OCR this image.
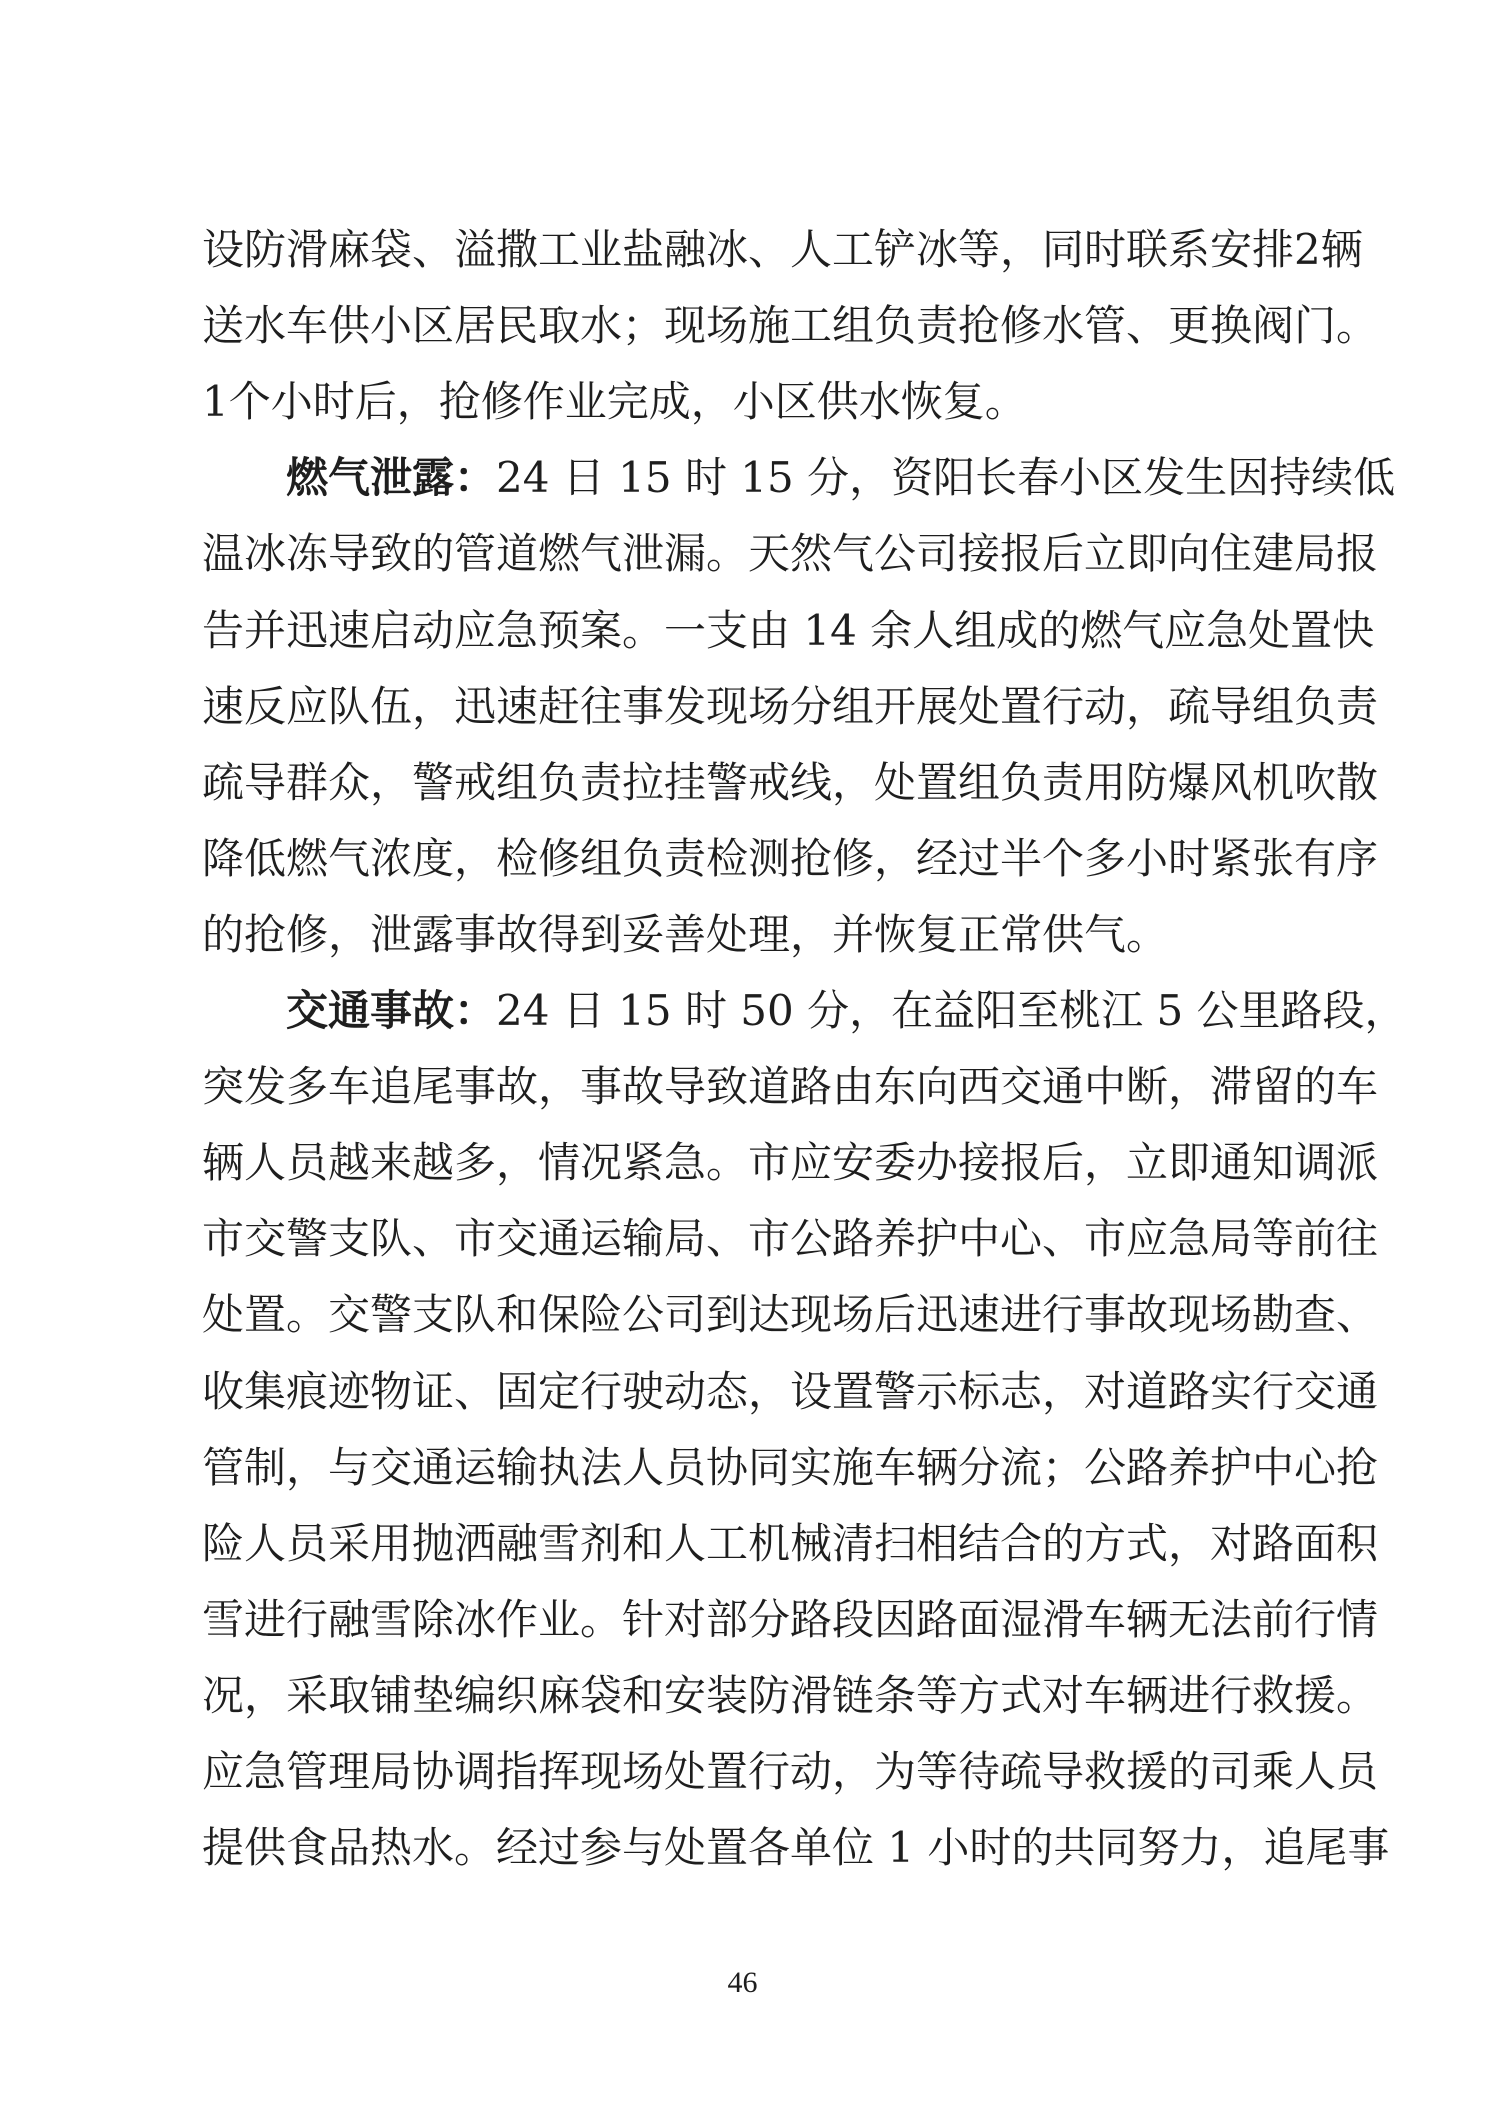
设防滑麻袋、溢撒工业盐融冰、人工铲冰等，同时联系安排2辆
送水车供小区居民取水；现场施工组负责抢修水管、更换阀门。
1个小时后，抢修作业完成，小区供水恢复。
燃气泄露：24 日 15 时 15 分，资阳长春小区发生因持续低
温冰冻导致的管道燃气泄漏。天然气公司接报后立即向住建局报
告并迅速启动应急预案。一支由 14 余人组成的燃气应急处置快
速反应队伍，迅速赶往事发现场分组开展处置行动，疏导组负责
疏导群众，警戒组负责拉挂警戒线，处置组负责用防爆风机吹散
降低燃气浓度，检修组负责检测抢修，经过半个多小时紧张有序
的抢修，泄露事故得到妥善处理，并恢复正常供气。
交通事故：24 日 15 时 50 分，在益阳至桃江 5 公里路段，
突发多车追尾事故，事故导致道路由东向西交通中断，滞留的车
辆人员越来越多，情况紧急。市应安委办接报后，立即通知调派
市交警支队、市交通运输局、市公路养护中心、市应急局等前往
处置。交警支队和保险公司到达现场后迅速进行事故现场勘查、
收集痕迹物证、固定行驶动态，设置警示标志，对道路实行交通
管制，与交通运输执法人员协同实施车辆分流；公路养护中心抢
险人员采用抛洒融雪剂和人工机械清扫相结合的方式，对路面积
雪进行融雪除冰作业。针对部分路段因路面湿滑车辆无法前行情
况，采取铺垫编织麻袋和安装防滑链条等方式对车辆进行救援。
应急管理局协调指挥现场处置行动，为等待疏导救援的司乘人员
提供食品热水。经过参与处置各单位 1 小时的共同努力，追尾事
46
